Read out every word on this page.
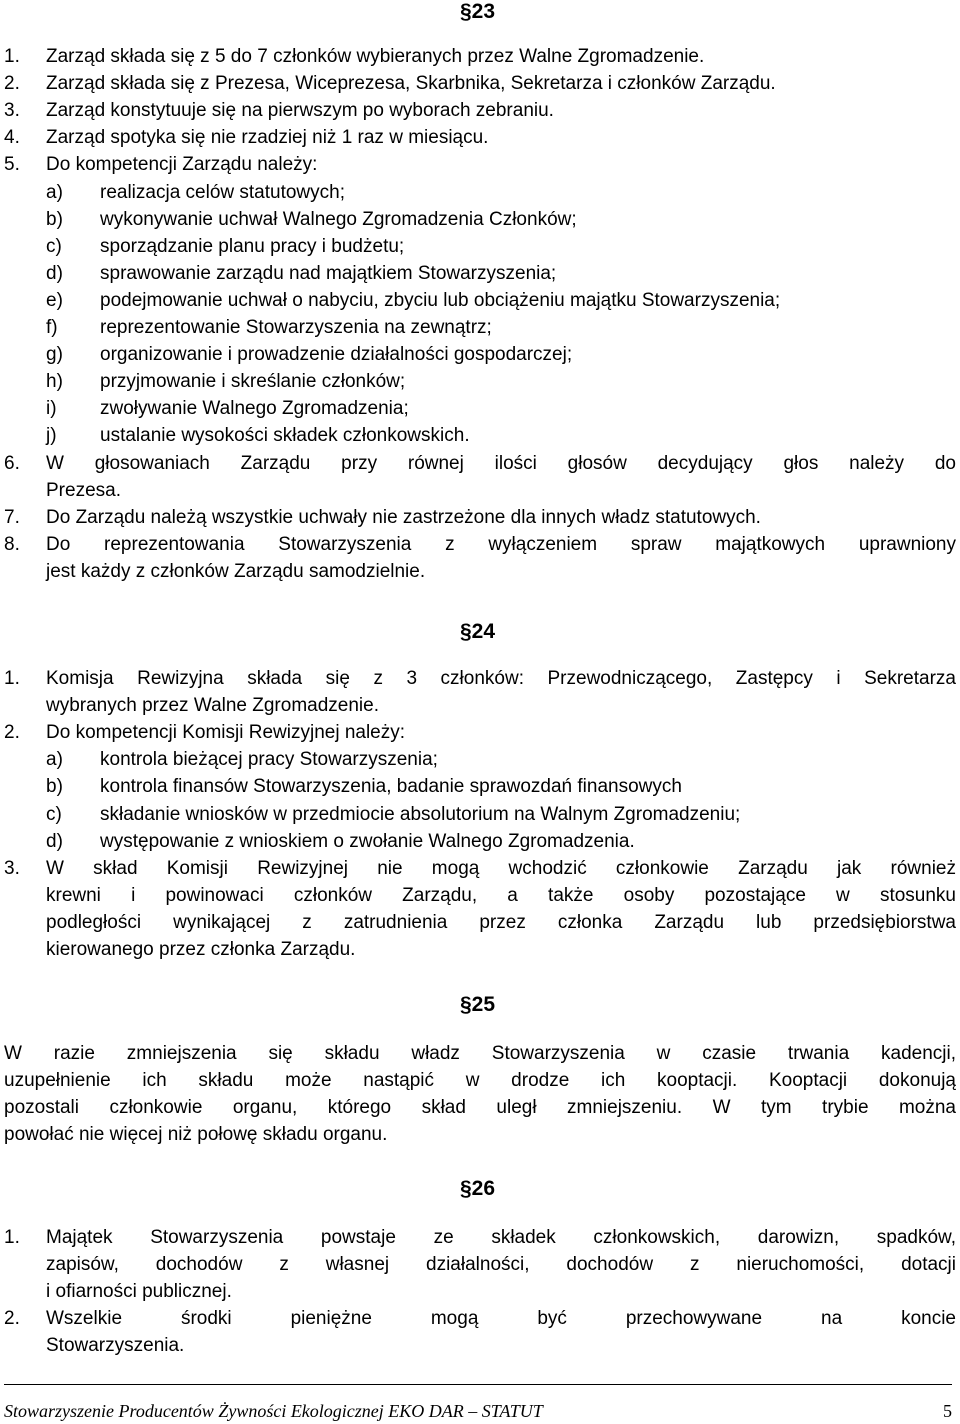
§23
1. Zarząd składa się z 5 do 7 członków wybieranych przez Walne Zgromadzenie.
2. Zarząd składa się z Prezesa, Wiceprezesa, Skarbnika, Sekretarza i członków Zarządu.
3. Zarząd konstytuuje się na pierwszym po wyborach zebraniu.
4. Zarząd spotyka się nie rzadziej niż 1 raz w miesiącu.
5. Do kompetencji Zarządu należy:
a) realizacja celów statutowych;
b) wykonywanie uchwał Walnego Zgromadzenia Członków;
c) sporządzanie planu pracy i budżetu;
d) sprawowanie zarządu nad majątkiem Stowarzyszenia;
e) podejmowanie uchwał o nabyciu, zbyciu lub obciążeniu majątku Stowarzyszenia;
f) reprezentowanie Stowarzyszenia na zewnątrz;
g) organizowanie i prowadzenie działalności gospodarczej;
h) przyjmowanie i skreślanie członków;
i) zwoływanie Walnego Zgromadzenia;
j) ustalanie wysokości składek członkowskich.
6. W głosowaniach Zarządu przy równej ilości głosów decydujący głos należy do
Prezesa.
7. Do Zarządu należą wszystkie uchwały nie zastrzeżone dla innych władz statutowych.
8. Do reprezentowania Stowarzyszenia z wyłączeniem spraw majątkowych uprawniony
jest każdy z członków Zarządu samodzielnie.
§24
1. Komisja Rewizyjna składa się z 3 członków: Przewodniczącego, Zastępcy i Sekretarza
wybranych przez Walne Zgromadzenie.
2. Do kompetencji Komisji Rewizyjnej należy:
a) kontrola bieżącej pracy Stowarzyszenia;
b) kontrola finansów Stowarzyszenia, badanie sprawozdań finansowych
c) składanie wniosków w przedmiocie absolutorium na Walnym Zgromadzeniu;
d) występowanie z wnioskiem o zwołanie Walnego Zgromadzenia.
3. W skład Komisji Rewizyjnej nie mogą wchodzić członkowie Zarządu jak również
krewni i powinowaci członków Zarządu, a także osoby pozostające w stosunku
podległości wynikającej z zatrudnienia przez członka Zarządu lub przedsiębiorstwa
kierowanego przez członka Zarządu.
§25
W razie zmniejszenia się składu władz Stowarzyszenia w czasie trwania kadencji,
uzupełnienie ich składu może nastąpić w drodze ich kooptacji. Kooptacji dokonują
pozostali członkowie organu, którego skład uległ zmniejszeniu. W tym trybie można
powołać nie więcej niż połowę składu organu.
§26
1. Majątek Stowarzyszenia powstaje ze składek członkowskich, darowizn, spadków,
zapisów, dochodów z własnej działalności, dochodów z nieruchomości, dotacji
i ofiarności publicznej.
2. Wszelkie środki pieniężne mogą być przechowywane na koncie
Stowarzyszenia.
Stowarzyszenie Producentów Żywności Ekologicznej EKO DAR – STATUT	5
